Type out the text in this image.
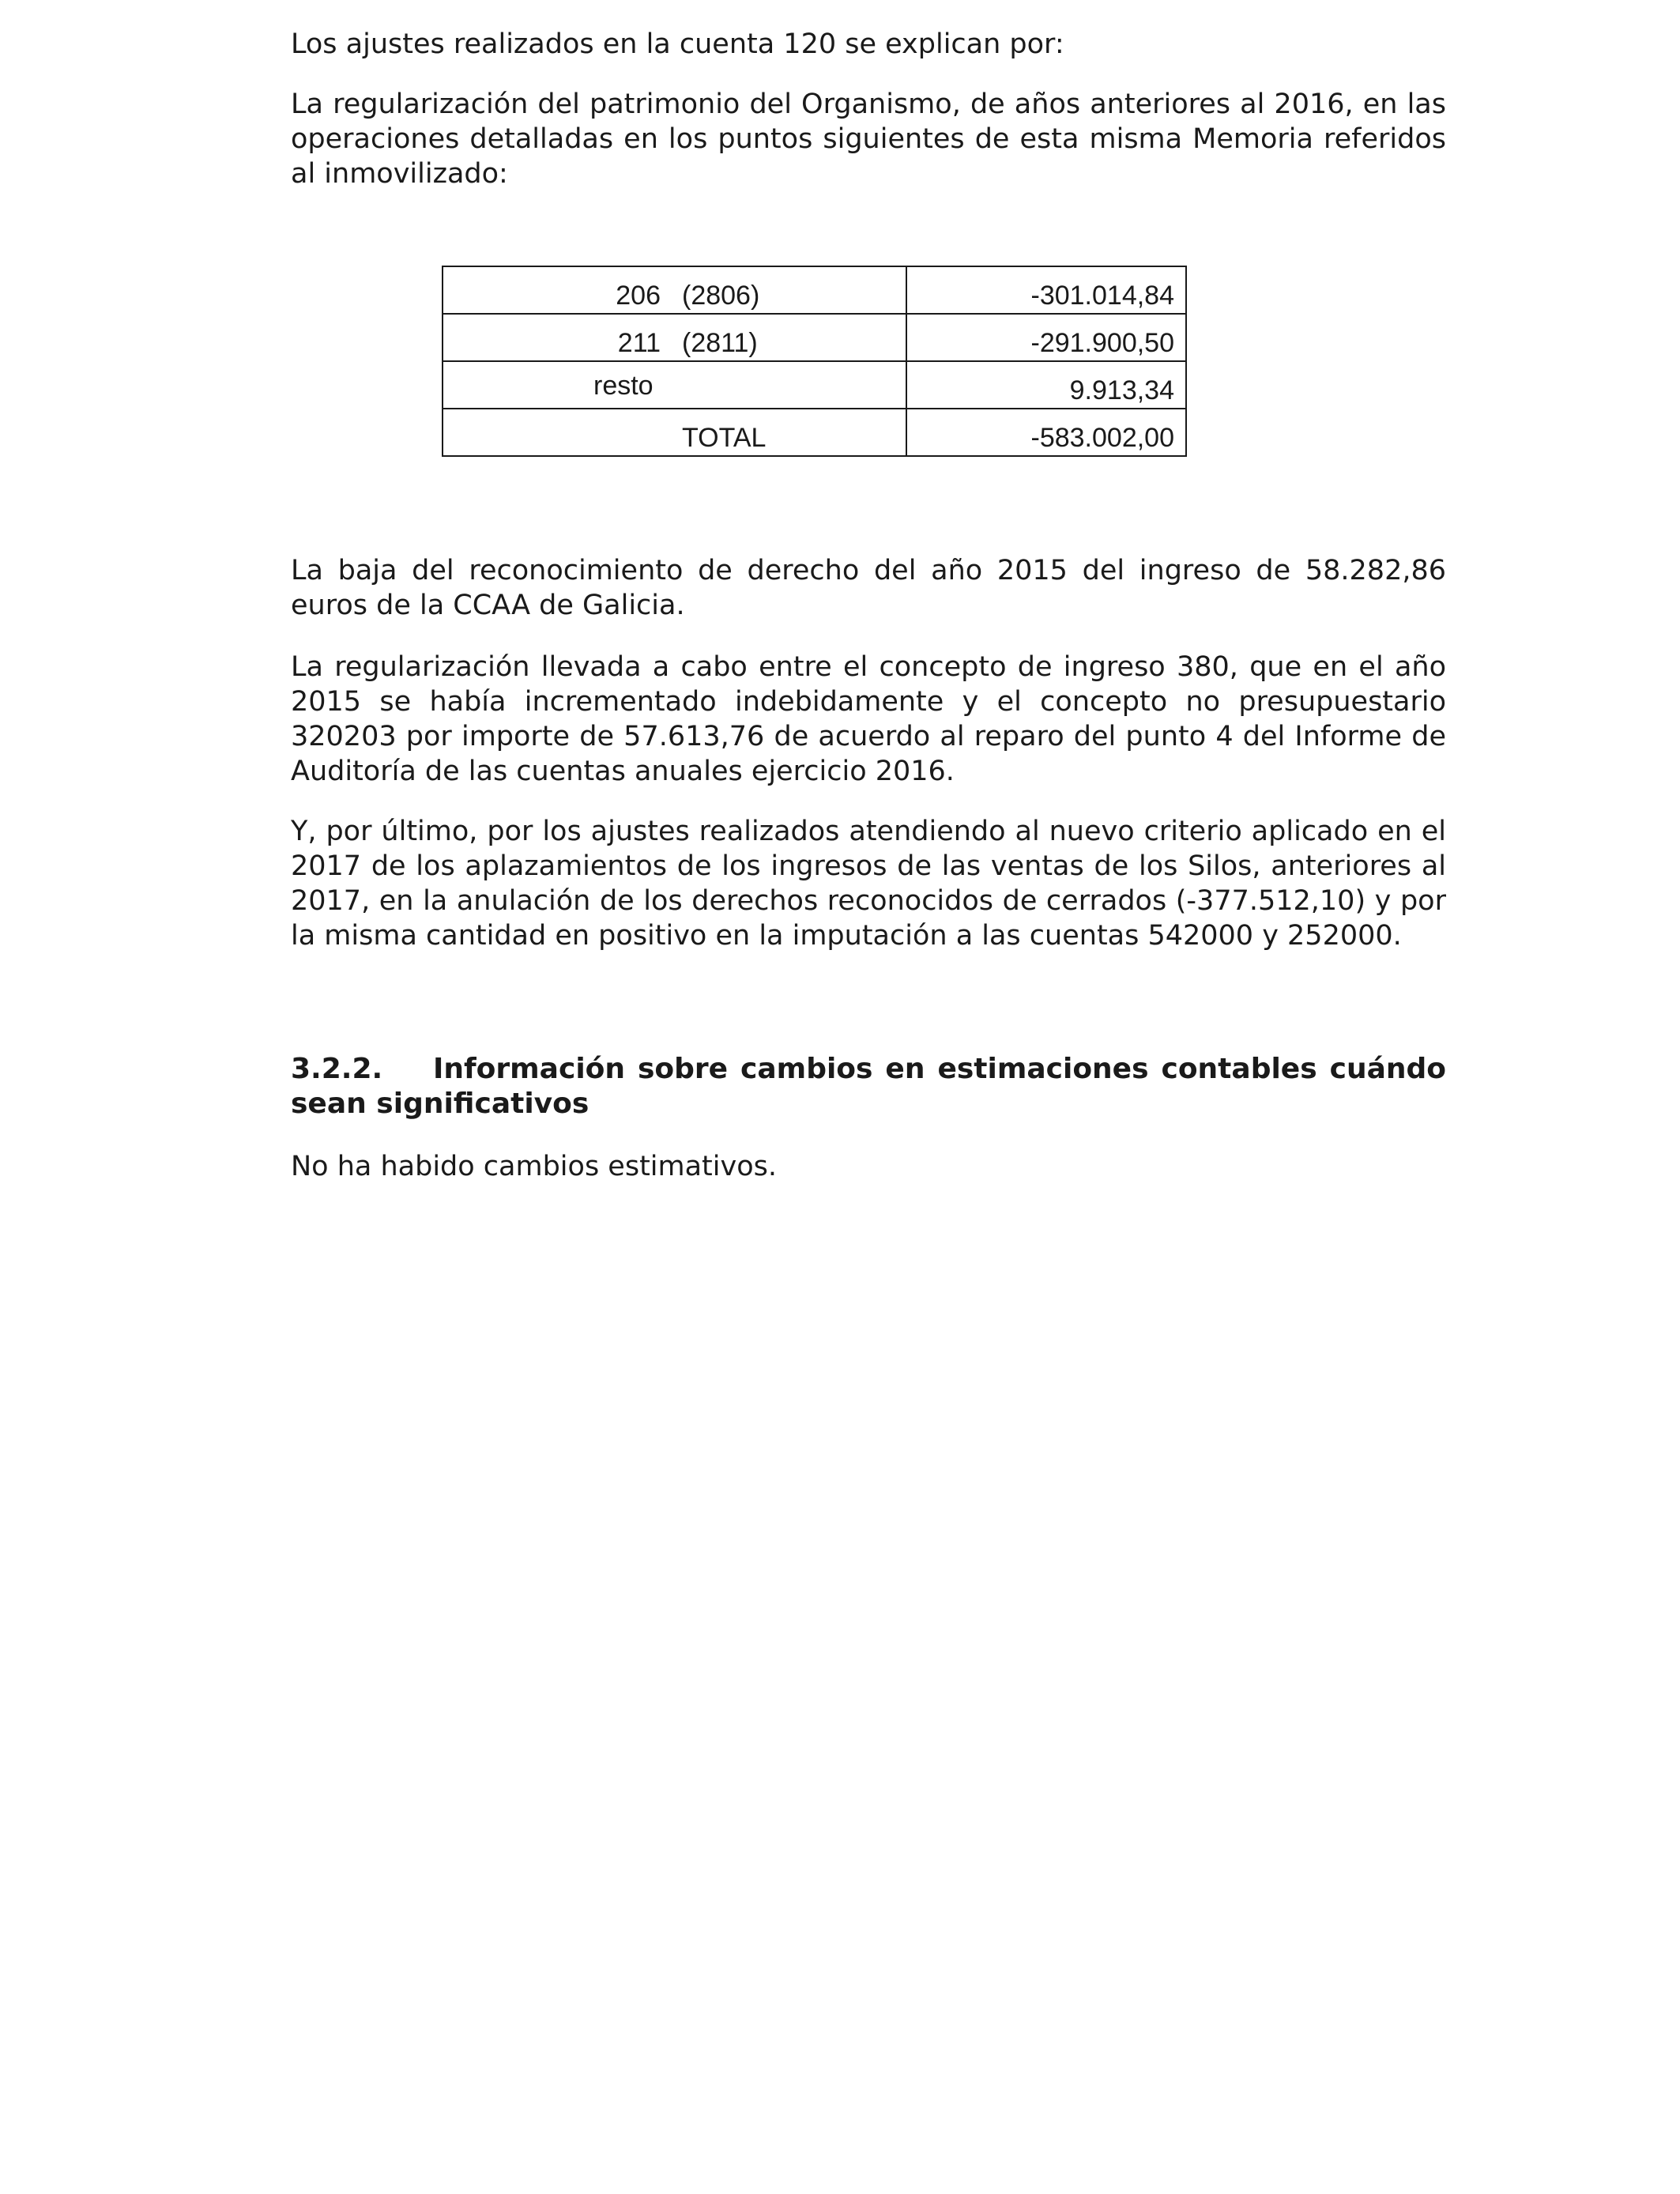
Los ajustes realizados en la cuenta 120 se explican por:

La regularización del patrimonio del Organismo, de años anteriores al 2016, en las operaciones detalladas en los puntos siguientes de esta misma Memoria referidos al inmovilizado:

206 (2806)	-301.014,84

211 (2811)	-291.900,50

resto	9.913,34

TOTAL	-583.002,00

La baja del reconocimiento de derecho del año 2015 del ingreso de 58.282,86 euros de la CCAA de Galicia.

La regularización llevada a cabo entre el concepto de ingreso 380, que en el año 2015 se había incrementado indebidamente y el concepto no presupuestario 320203 por importe de 57.613,76 de acuerdo al reparo del punto 4 del Informe de Auditoría de las cuentas anuales ejercicio 2016.

Y, por último, por los ajustes realizados atendiendo al nuevo criterio aplicado en el 2017 de los aplazamientos de los ingresos de las ventas de los Silos, anteriores al 2017, en la anulación de los derechos reconocidos de cerrados (-377.512,10) y por la misma cantidad en positivo en la imputación a las cuentas 542000 y 252000.

3.2.2. Información sobre cambios en estimaciones contables cuándo sean significativos

No ha habido cambios estimativos.
